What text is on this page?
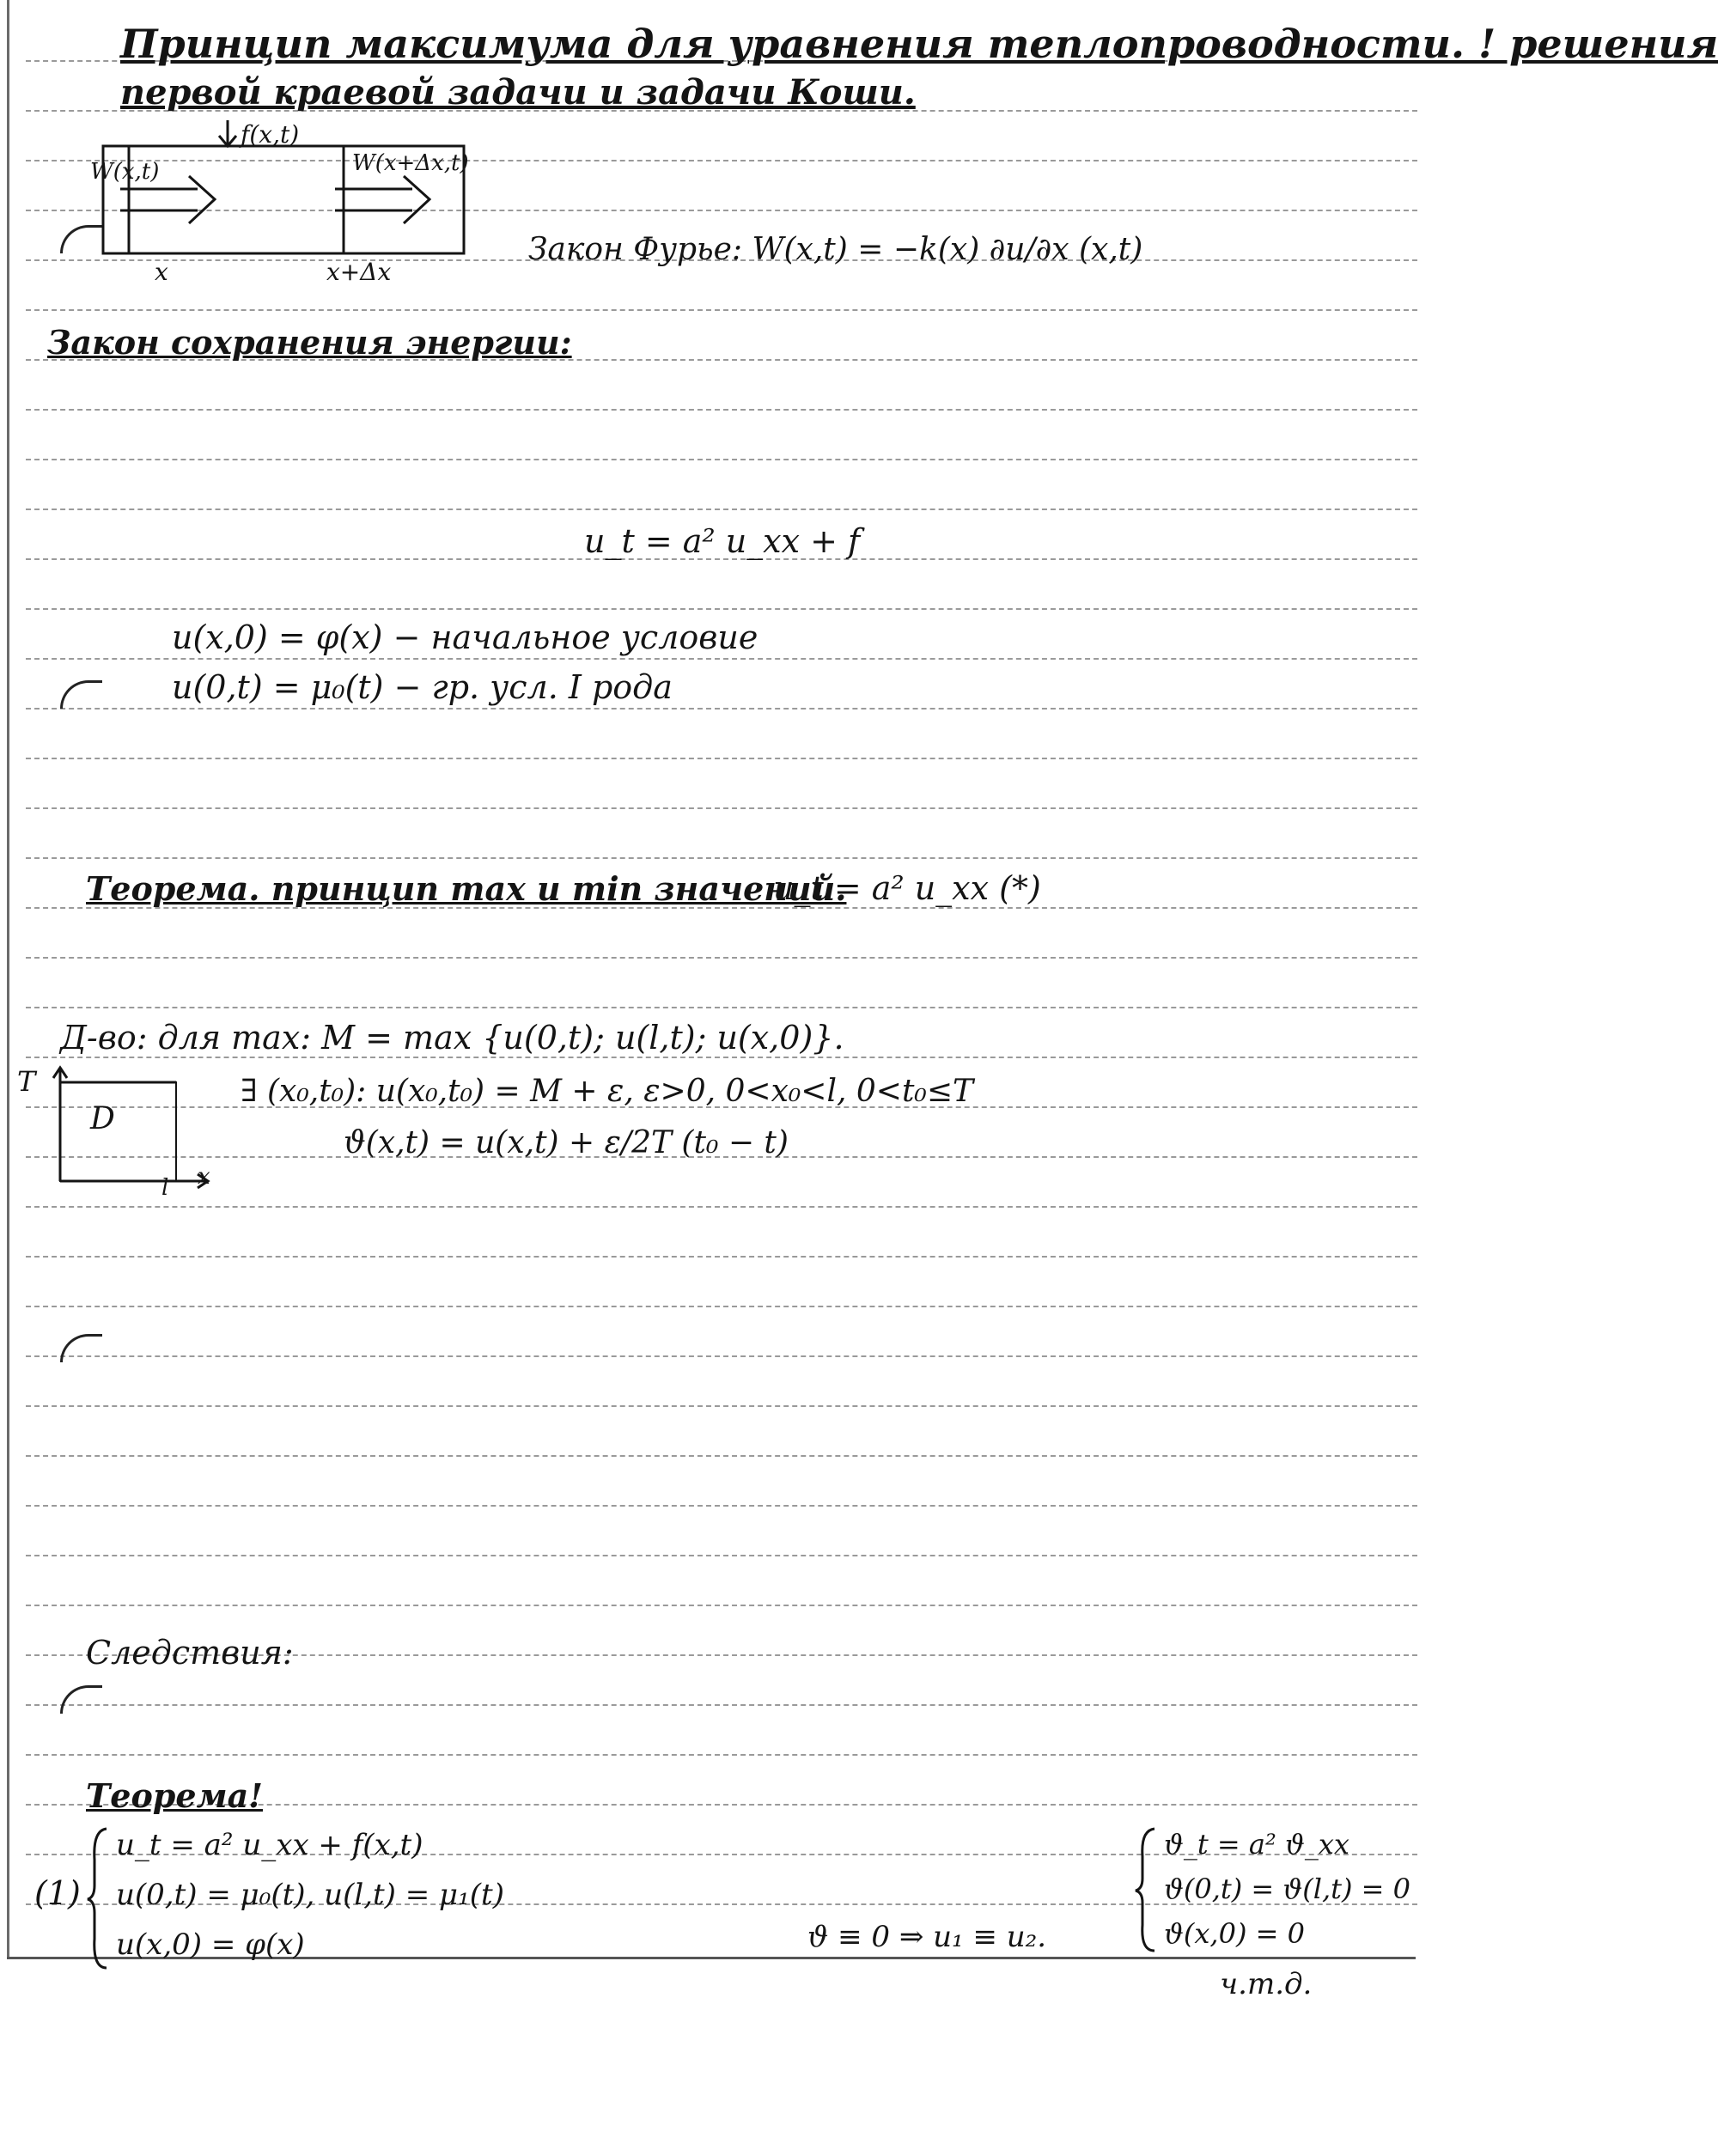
Принцип максимума для уравнения теплопроводности. ! решения
первой краевой задачи и задачи Коши.
f(x,t)
W(x,t)	W(x+Δx,t)
x	x+Δx
Закон Фурье: W(x,t) = −k(x) ∂u/∂x (x,t)
Закон сохранения энергии:
u_t = a² u_xx + f
u(x,0) = φ(x) − начальное условие
u(0,t) = μ₀(t) − гр. усл. I рода
Теорема. принцип max и min значений.
u_t = a² u_xx (*)
Д-во: для max: M = max {u(0,t); u(l,t); u(x,0)}.
T
D
l x
∃ (x₀,t₀): u(x₀,t₀) = M + ε, ε>0, 0<x₀<l, 0<t₀≤T
ϑ(x,t) = u(x,t) + ε/2T (t₀ − t)
Следствия:
Теорема!
(1)
u_t = a² u_xx + f(x,t)
u(0,t) = μ₀(t), u(l,t) = μ₁(t)
u(x,0) = φ(x)
ϑ_t = a² ϑ_xx
ϑ(0,t) = ϑ(l,t) = 0
ϑ(x,0) = 0
ϑ ≡ 0 ⇒ u₁ ≡ u₂.
ч.т.д.
